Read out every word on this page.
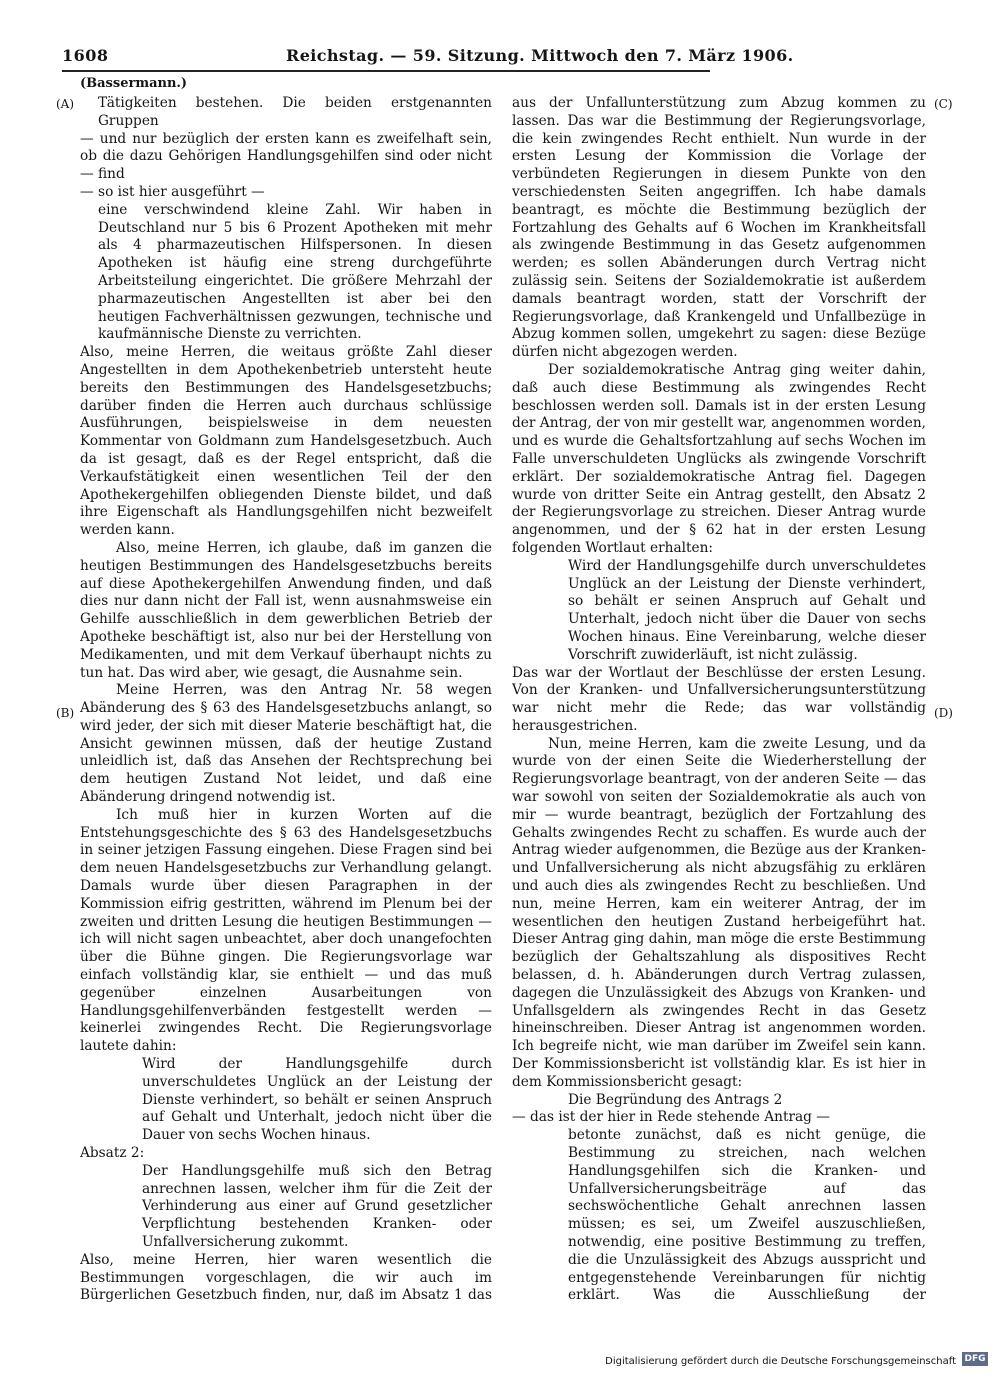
1608	Reichstag. — 59. Sitzung. Mittwoch den 7. März 1906.
(Bassermann.)
(A)
(B)
(C)
(D)

Tätigkeiten bestehen. Die beiden erstgenannten Gruppen

— und nur bezüglich der ersten kann es zweifelhaft sein, ob die dazu Gehörigen Handlungsgehilfen sind oder nicht — find

— so ist hier ausgeführt —

eine verschwindend kleine Zahl. Wir haben in Deutschland nur 5 bis 6 Prozent Apotheken mit mehr als 4 pharmazeutischen Hilfspersonen. In diesen Apotheken ist häufig eine streng durchgeführte Arbeitsteilung eingerichtet. Die größere Mehrzahl der pharmazeutischen Angestellten ist aber bei den heutigen Fachverhältnissen gezwungen, technische und kaufmännische Dienste zu verrichten.

Also, meine Herren, die weitaus größte Zahl dieser Angestellten in dem Apothekenbetrieb untersteht heute bereits den Bestimmungen des Handelsgesetzbuchs; darüber finden die Herren auch durchaus schlüssige Ausführungen, beispielsweise in dem neuesten Kommentar von Goldmann zum Handelsgesetzbuch. Auch da ist gesagt, daß es der Regel entspricht, daß die Verkaufstätigkeit einen wesentlichen Teil der den Apothekergehilfen obliegenden Dienste bildet, und daß ihre Eigenschaft als Handlungsgehilfen nicht bezweifelt werden kann.

Also, meine Herren, ich glaube, daß im ganzen die heutigen Bestimmungen des Handelsgesetzbuchs bereits auf diese Apothekergehilfen Anwendung finden, und daß dies nur dann nicht der Fall ist, wenn ausnahmsweise ein Gehilfe ausschließlich in dem gewerblichen Betrieb der Apotheke beschäftigt ist, also nur bei der Herstellung von Medikamenten, und mit dem Verkauf überhaupt nichts zu tun hat. Das wird aber, wie gesagt, die Ausnahme sein.

Meine Herren, was den Antrag Nr. 58 wegen Abänderung des § 63 des Handelsgesetzbuchs anlangt, so wird jeder, der sich mit dieser Materie beschäftigt hat, die Ansicht gewinnen müssen, daß der heutige Zustand unleidlich ist, daß das Ansehen der Rechtsprechung bei dem heutigen Zustand Not leidet, und daß eine Abänderung dringend notwendig ist.

Ich muß hier in kurzen Worten auf die Entstehungsgeschichte des § 63 des Handelsgesetzbuchs in seiner jetzigen Fassung eingehen. Diese Fragen sind bei dem neuen Handelsgesetzbuchs zur Verhandlung gelangt. Damals wurde über diesen Paragraphen in der Kommission eifrig gestritten, während im Plenum bei der zweiten und dritten Lesung die heutigen Bestimmungen — ich will nicht sagen unbeachtet, aber doch unangefochten über die Bühne gingen. Die Regierungsvorlage war einfach vollständig klar, sie enthielt — und das muß gegenüber einzelnen Ausarbeitungen von Handlungsgehilfenverbänden festgestellt werden — keinerlei zwingendes Recht. Die Regierungsvorlage lautete dahin:

Wird der Handlungsgehilfe durch unverschuldetes Unglück an der Leistung der Dienste verhindert, so behält er seinen Anspruch auf Gehalt und Unterhalt, jedoch nicht über die Dauer von sechs Wochen hinaus.

Absatz 2:

Der Handlungsgehilfe muß sich den Betrag anrechnen lassen, welcher ihm für die Zeit der Verhinderung aus einer auf Grund gesetzlicher Verpflichtung bestehenden Kranken- oder Unfallversicherung zukommt.

Also, meine Herren, hier waren wesentlich die Bestimmungen vorgeschlagen, die wir auch im Bürgerlichen Gesetzbuch finden, nur, daß im Absatz 1 das

aus der Unfallunterstützung zum Abzug kommen zu lassen. Das war die Bestimmung der Regierungsvorlage, die kein zwingendes Recht enthielt. Nun wurde in der ersten Lesung der Kommission die Vorlage der verbündeten Regierungen in diesem Punkte von den verschiedensten Seiten angegriffen. Ich habe damals beantragt, es möchte die Bestimmung bezüglich der Fortzahlung des Gehalts auf 6 Wochen im Krankheitsfall als zwingende Bestimmung in das Gesetz aufgenommen werden; es sollen Abänderungen durch Vertrag nicht zulässig sein. Seitens der Sozialdemokratie ist außerdem damals beantragt worden, statt der Vorschrift der Regierungsvorlage, daß Krankengeld und Unfallbezüge in Abzug kommen sollen, umgekehrt zu sagen: diese Bezüge dürfen nicht abgezogen werden.

Der sozialdemokratische Antrag ging weiter dahin, daß auch diese Bestimmung als zwingendes Recht beschlossen werden soll. Damals ist in der ersten Lesung der Antrag, der von mir gestellt war, angenommen worden, und es wurde die Gehaltsfortzahlung auf sechs Wochen im Falle unverschuldeten Unglücks als zwingende Vorschrift erklärt. Der sozialdemokratische Antrag fiel. Dagegen wurde von dritter Seite ein Antrag gestellt, den Absatz 2 der Regierungsvorlage zu streichen. Dieser Antrag wurde angenommen, und der § 62 hat in der ersten Lesung folgenden Wortlaut erhalten:

Wird der Handlungsgehilfe durch unverschuldetes Unglück an der Leistung der Dienste verhindert, so behält er seinen Anspruch auf Gehalt und Unterhalt, jedoch nicht über die Dauer von sechs Wochen hinaus. Eine Vereinbarung, welche dieser Vorschrift zuwiderläuft, ist nicht zulässig.

Das war der Wortlaut der Beschlüsse der ersten Lesung. Von der Kranken- und Unfallversicherungsunterstützung war nicht mehr die Rede; das war vollständig herausgestrichen.

Nun, meine Herren, kam die zweite Lesung, und da wurde von der einen Seite die Wiederherstellung der Regierungsvorlage beantragt, von der anderen Seite — das war sowohl von seiten der Sozialdemokratie als auch von mir — wurde beantragt, bezüglich der Fortzahlung des Gehalts zwingendes Recht zu schaffen. Es wurde auch der Antrag wieder aufgenommen, die Bezüge aus der Kranken- und Unfallversicherung als nicht abzugsfähig zu erklären und auch dies als zwingendes Recht zu beschließen. Und nun, meine Herren, kam ein weiterer Antrag, der im wesentlichen den heutigen Zustand herbeigeführt hat. Dieser Antrag ging dahin, man möge die erste Bestimmung bezüglich der Gehaltszahlung als dispositives Recht belassen, d. h. Abänderungen durch Vertrag zulassen, dagegen die Unzulässigkeit des Abzugs von Kranken- und Unfallsgeldern als zwingendes Recht in das Gesetz hineinschreiben. Dieser Antrag ist angenommen worden. Ich begreife nicht, wie man darüber im Zweifel sein kann. Der Kommissionsbericht ist vollständig klar. Es ist hier in dem Kommissionsbericht gesagt:

Die Begründung des Antrags 2

— das ist der hier in Rede stehende Antrag —

betonte zunächst, daß es nicht genüge, die Bestimmung zu streichen, nach welchen Handlungsgehilfen sich die Kranken- und Unfallversicherungsbeiträge auf das sechswöchentliche Gehalt anrechnen lassen müssen; es sei, um Zweifel auszuschließen, notwendig, eine positive Bestimmung zu treffen, die die Unzulässigkeit des Abzugs ausspricht und entgegenstehende Vereinbarungen für nichtig erklärt. Was die Ausschließung der

Digitalisierung gefördert durch die Deutsche Forschungsgemeinschaft DFG
